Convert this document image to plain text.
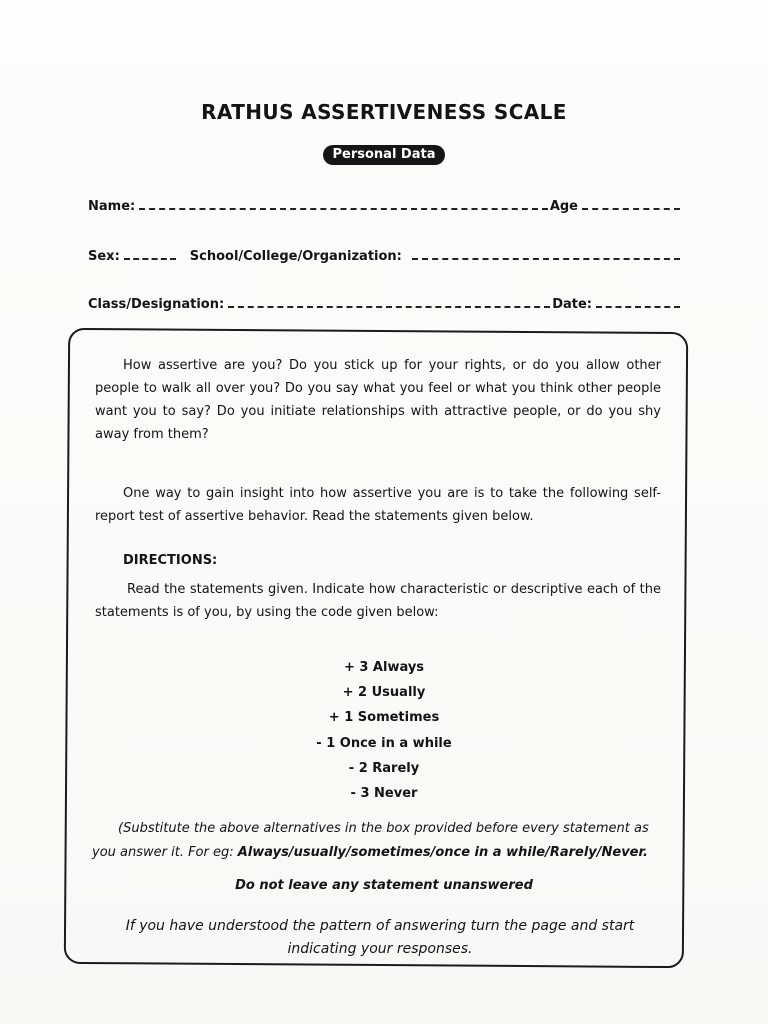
RATHUS ASSERTIVENESS SCALE
Personal Data
Name:	Age
Sex:	School/College/Organization:
Class/Designation:	Date:
How assertive are you? Do you stick up for your rights, or do you allow other people to walk all over you? Do you say what you feel or what you think other people want you to say? Do you initiate relationships with attractive people, or do you shy away from them?
One way to gain insight into how assertive you are is to take the following self-report test of assertive behavior. Read the statements given below.
DIRECTIONS:
Read the statements given. Indicate how characteristic or descriptive each of the statements is of you, by using the code given below:
+ 3 Always
+ 2 Usually
+ 1 Sometimes
- 1 Once in a while
- 2 Rarely
- 3 Never
(Substitute the above alternatives in the box provided before every statement as you answer it. For eg: Always/usually/sometimes/once in a while/Rarely/Never.
Do not leave any statement unanswered
If you have understood the pattern of answering turn the page and start indicating your responses.
